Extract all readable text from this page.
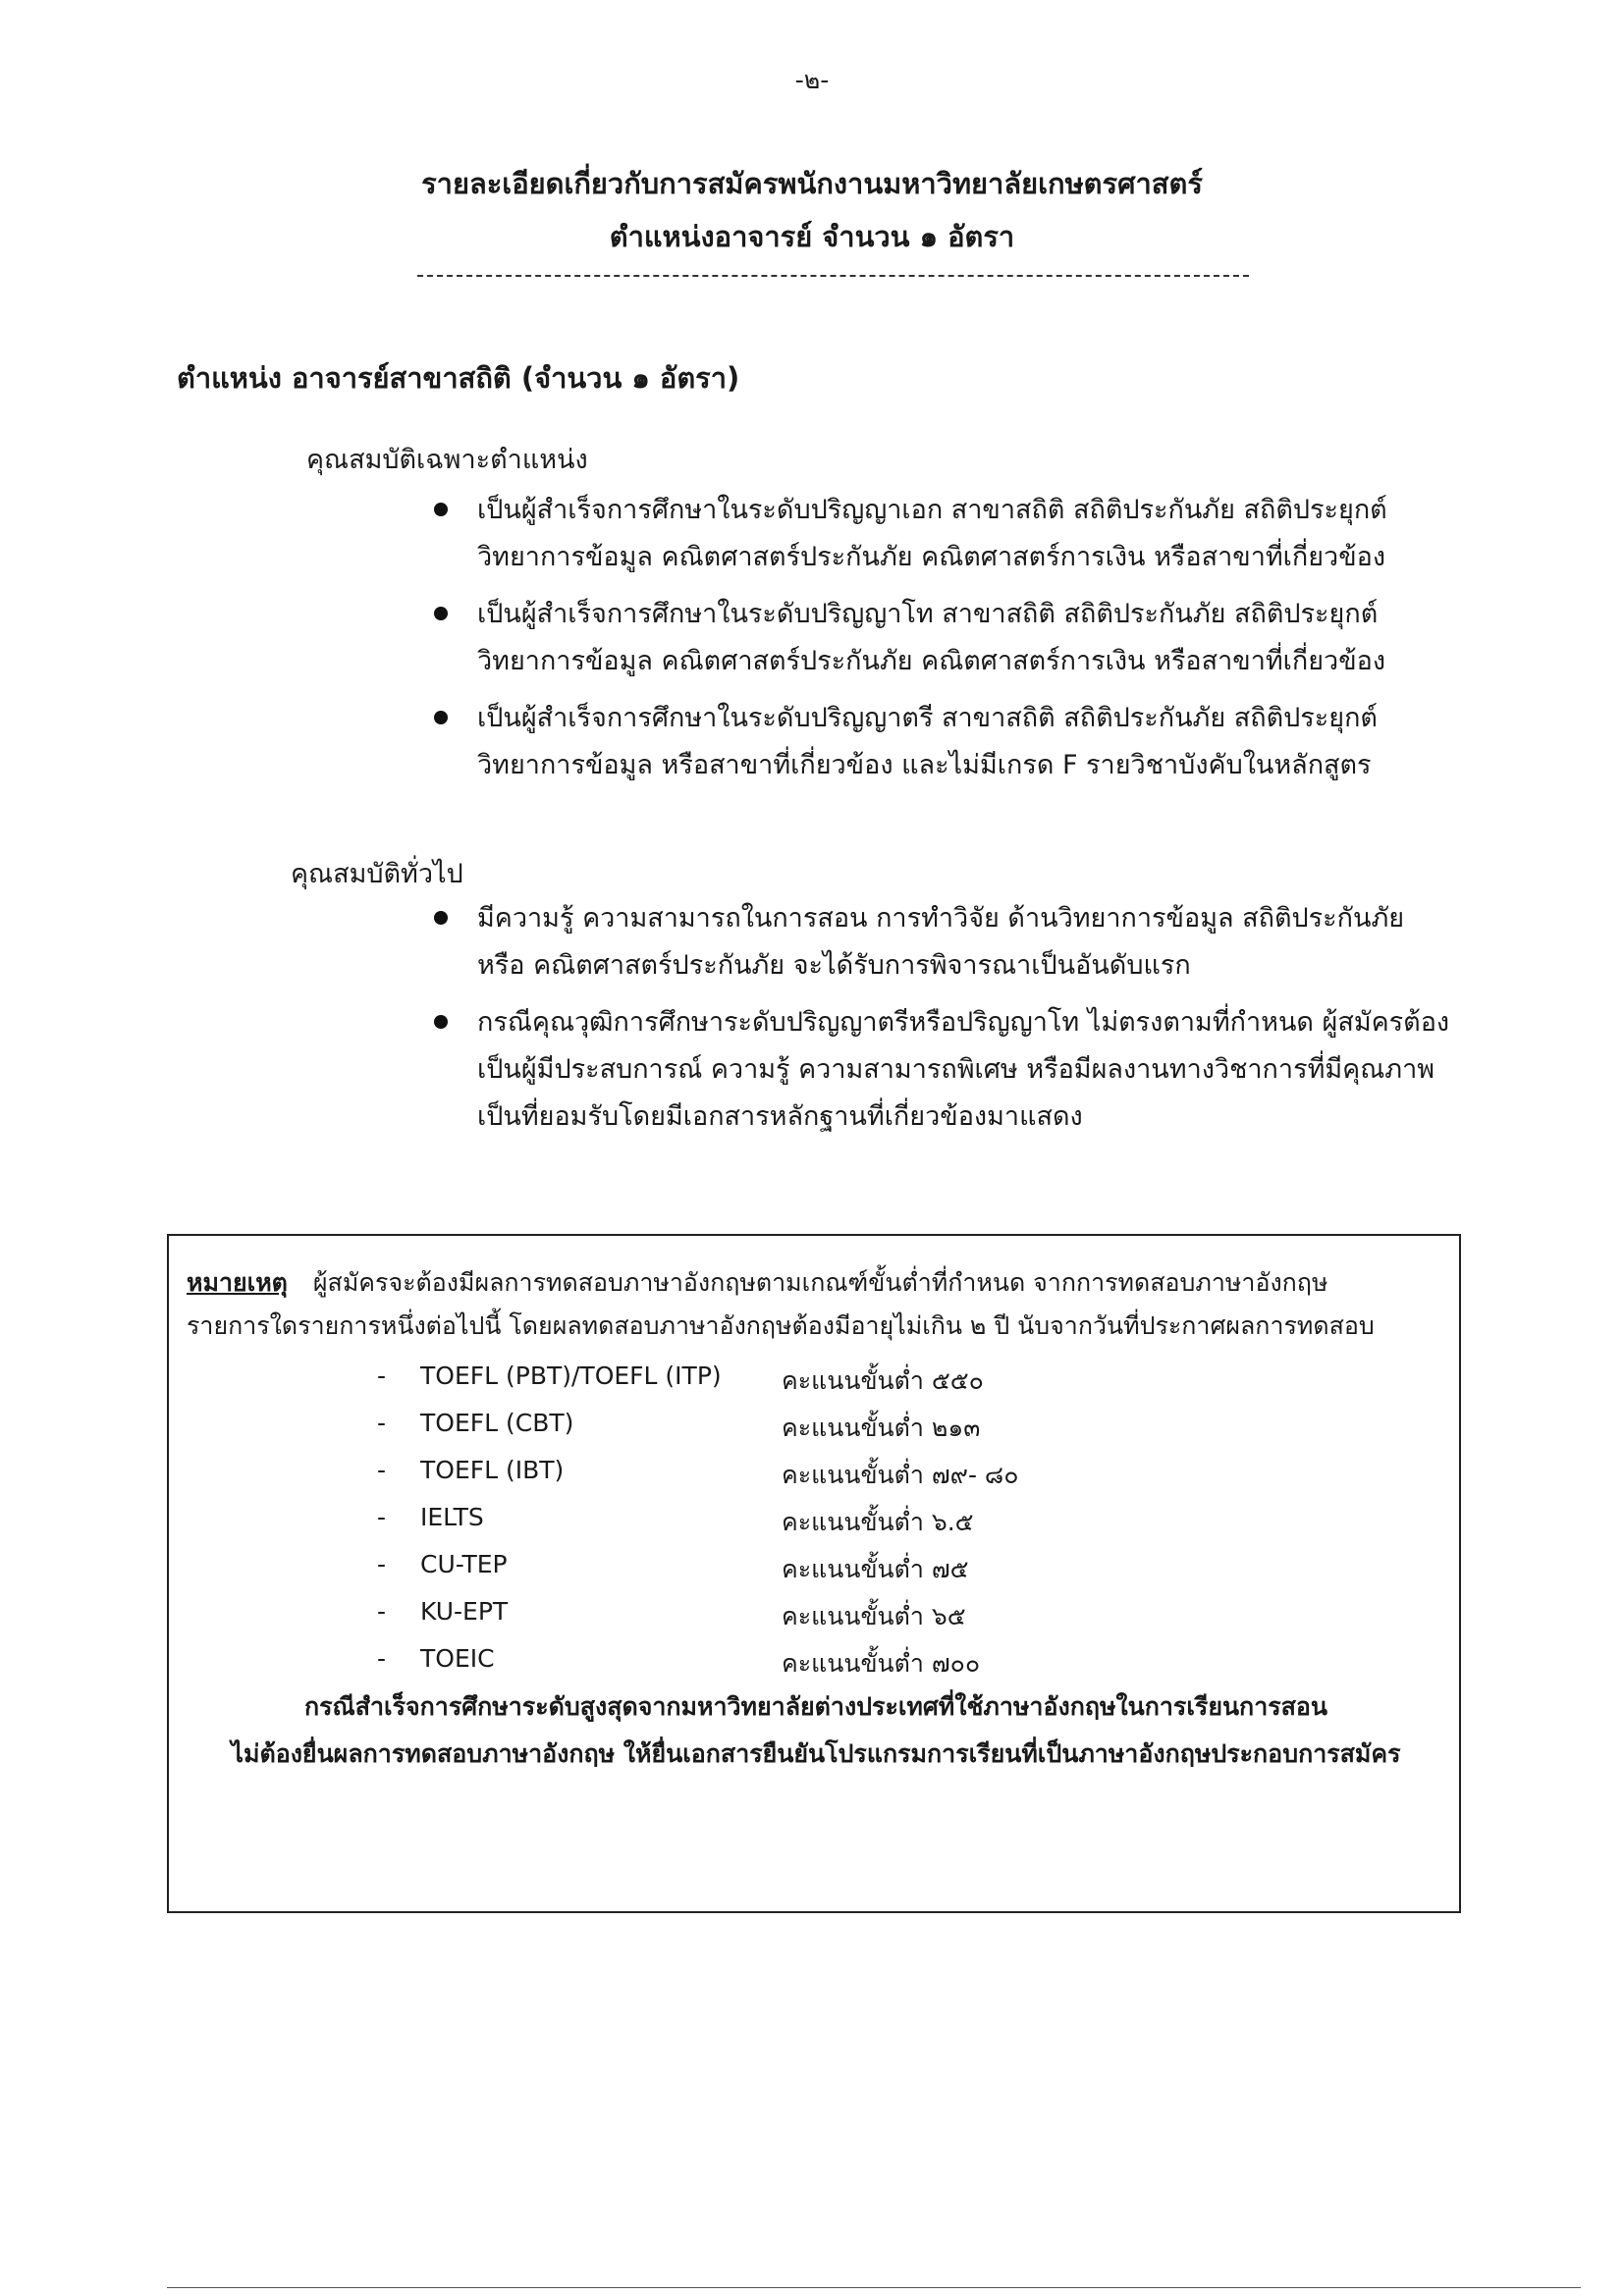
-๒-
รายละเอียดเกี่ยวกับการสมัครพนักงานมหาวิทยาลัยเกษตรศาสตร์
ตำแหน่งอาจารย์ จำนวน ๑ อัตรา
ตำแหน่ง อาจารย์สาขาสถิติ (จำนวน ๑ อัตรา)
คุณสมบัติเฉพาะตำแหน่ง
เป็นผู้สำเร็จการศึกษาในระดับปริญญาเอก สาขาสถิติ สถิติประกันภัย สถิติประยุกต์
วิทยาการข้อมูล คณิตศาสตร์ประกันภัย คณิตศาสตร์การเงิน หรือสาขาที่เกี่ยวข้อง
เป็นผู้สำเร็จการศึกษาในระดับปริญญาโท สาขาสถิติ สถิติประกันภัย สถิติประยุกต์
วิทยาการข้อมูล คณิตศาสตร์ประกันภัย คณิตศาสตร์การเงิน หรือสาขาที่เกี่ยวข้อง
เป็นผู้สำเร็จการศึกษาในระดับปริญญาตรี สาขาสถิติ สถิติประกันภัย สถิติประยุกต์
วิทยาการข้อมูล หรือสาขาที่เกี่ยวข้อง และไม่มีเกรด F รายวิชาบังคับในหลักสูตร
คุณสมบัติทั่วไป
มีความรู้ ความสามารถในการสอน การทำวิจัย ด้านวิทยาการข้อมูล สถิติประกันภัย
หรือ คณิตศาสตร์ประกันภัย จะได้รับการพิจารณาเป็นอันดับแรก
กรณีคุณวุฒิการศึกษาระดับปริญญาตรีหรือปริญญาโท ไม่ตรงตามที่กำหนด ผู้สมัครต้อง
เป็นผู้มีประสบการณ์ ความรู้ ความสามารถพิเศษ หรือมีผลงานทางวิชาการที่มีคุณภาพ
เป็นที่ยอมรับโดยมีเอกสารหลักฐานที่เกี่ยวข้องมาแสดง
หมายเหตุ ผู้สมัครจะต้องมีผลการทดสอบภาษาอังกฤษตามเกณฑ์ขั้นต่ำที่กำหนด จากการทดสอบภาษาอังกฤษ
รายการใดรายการหนึ่งต่อไปนี้ โดยผลทดสอบภาษาอังกฤษต้องมีอายุไม่เกิน ๒ ปี นับจากวันที่ประกาศผลการทดสอบ
- TOEFL (PBT)/TOEFL (ITP) คะแนนขั้นต่ำ ๕๕๐
- TOEFL (CBT)	คะแนนขั้นต่ำ ๒๑๓
- TOEFL (IBT)	คะแนนขั้นต่ำ ๗๙- ๘๐
- IELTS	คะแนนขั้นต่ำ ๖.๕
- CU-TEP	คะแนนขั้นต่ำ ๗๕
- KU-EPT	คะแนนขั้นต่ำ ๖๕
- TOEIC	คะแนนขั้นต่ำ ๗๐๐
กรณีสำเร็จการศึกษาระดับสูงสุดจากมหาวิทยาลัยต่างประเทศที่ใช้ภาษาอังกฤษในการเรียนการสอน
ไม่ต้องยื่นผลการทดสอบภาษาอังกฤษ ให้ยื่นเอกสารยืนยันโปรแกรมการเรียนที่เป็นภาษาอังกฤษประกอบการสมัคร
